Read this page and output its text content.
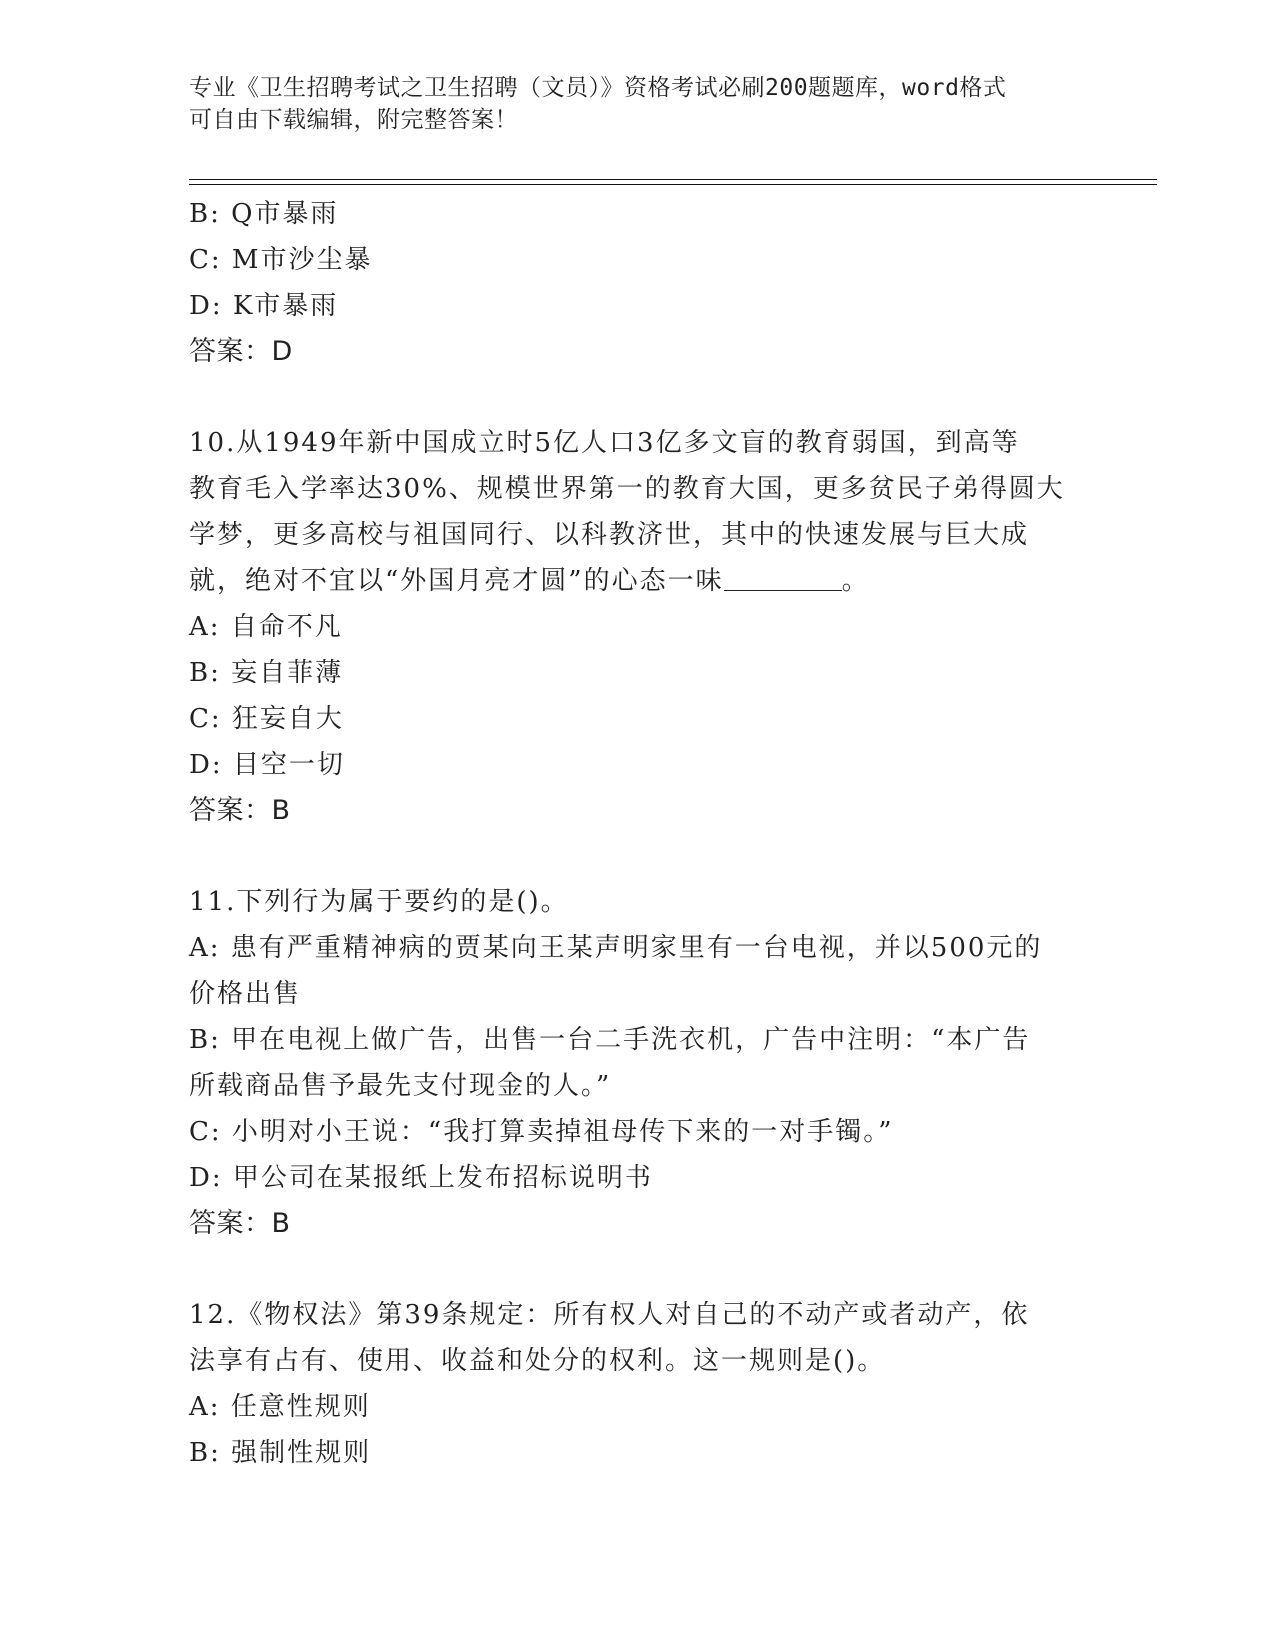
专业《卫生招聘考试之卫生招聘（文员）》资格考试必刷200题题库，word格式
可自由下载编辑，附完整答案！
B: Q市暴雨
C: M市沙尘暴
D: K市暴雨
答案：D
10.从1949年新中国成立时5亿人口3亿多文盲的教育弱国，到高等
教育毛入学率达30%、规模世界第一的教育大国，更多贫民子弟得圆大
学梦，更多高校与祖国同行、以科教济世，其中的快速发展与巨大成
就，绝对不宜以“外国月亮才圆”的心态一味	。
A: 自命不凡
B: 妄自菲薄
C: 狂妄自大
D: 目空一切
答案：B
11.下列行为属于要约的是()。
A: 患有严重精神病的贾某向王某声明家里有一台电视，并以500元的
价格出售
B: 甲在电视上做广告，出售一台二手洗衣机，广告中注明：“本广告
所载商品售予最先支付现金的人。”
C: 小明对小王说：“我打算卖掉祖母传下来的一对手镯。”
D: 甲公司在某报纸上发布招标说明书
答案：B
12.《物权法》第39条规定：所有权人对自己的不动产或者动产，依
法享有占有、使用、收益和处分的权利。这一规则是()。
A: 任意性规则
B: 强制性规则
